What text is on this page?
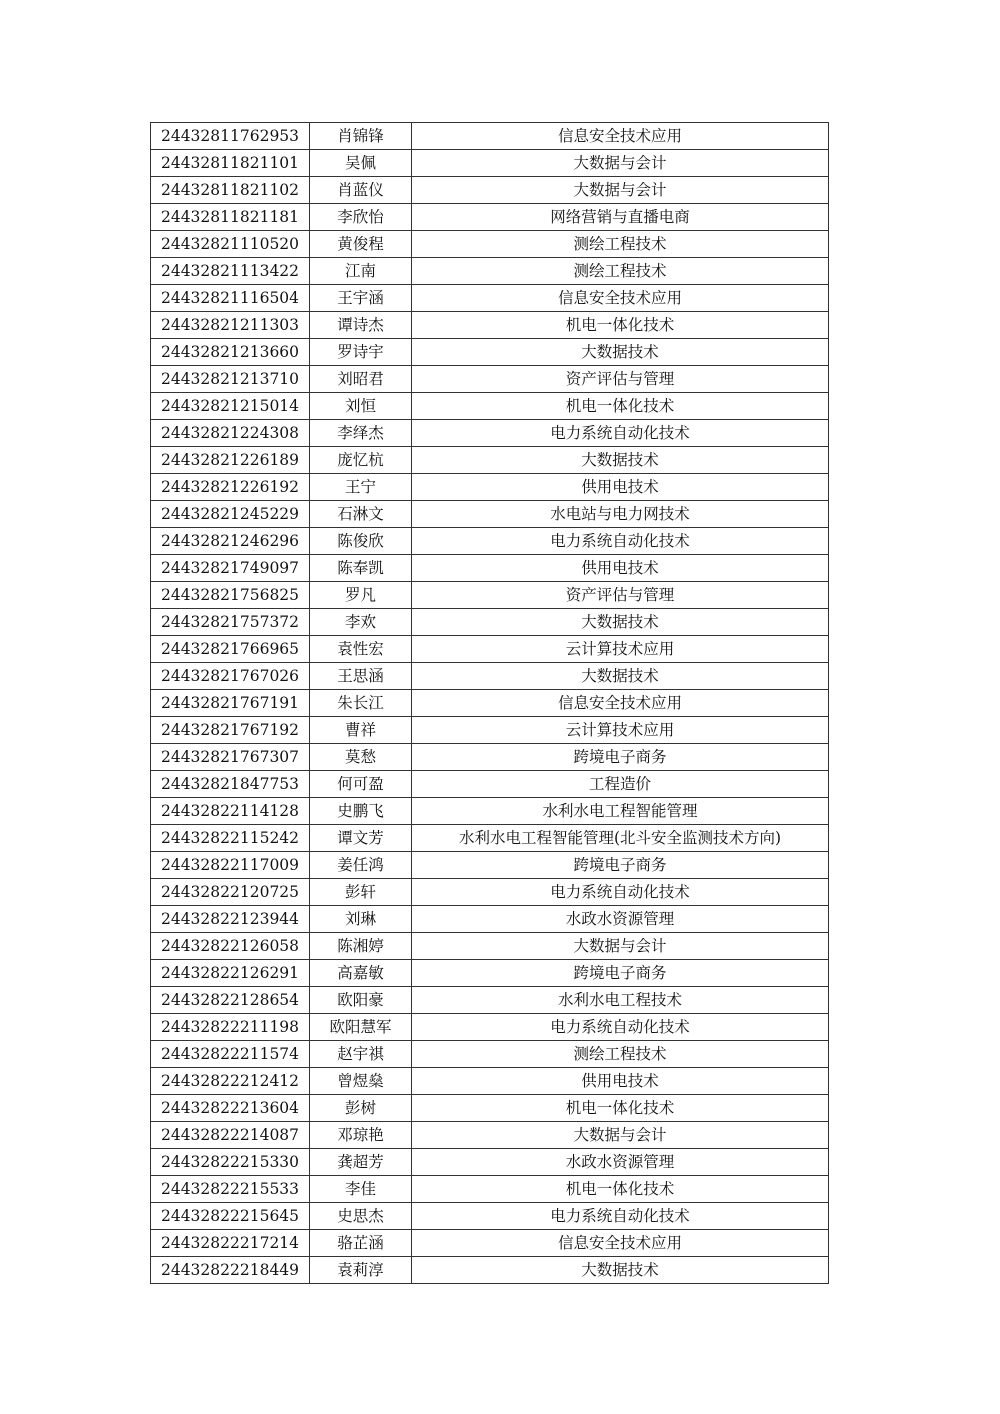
24432811762953	肖锦锋	信息安全技术应用
24432811821101	吴佩	大数据与会计
24432811821102	肖蓝仪	大数据与会计
24432811821181	李欣怡	网络营销与直播电商
24432821110520	黄俊程	测绘工程技术
24432821113422	江南	测绘工程技术
24432821116504	王宇涵	信息安全技术应用
24432821211303	谭诗杰	机电一体化技术
24432821213660	罗诗宇	大数据技术
24432821213710	刘昭君	资产评估与管理
24432821215014	刘恒	机电一体化技术
24432821224308	李绎杰	电力系统自动化技术
24432821226189	庞忆杭	大数据技术
24432821226192	王宁	供用电技术
24432821245229	石淋文	水电站与电力网技术
24432821246296	陈俊欣	电力系统自动化技术
24432821749097	陈奉凯	供用电技术
24432821756825	罗凡	资产评估与管理
24432821757372	李欢	大数据技术
24432821766965	袁性宏	云计算技术应用
24432821767026	王思涵	大数据技术
24432821767191	朱长江	信息安全技术应用
24432821767192	曹祥	云计算技术应用
24432821767307	莫愁	跨境电子商务
24432821847753	何可盈	工程造价
24432822114128	史鹏飞	水利水电工程智能管理
24432822115242	谭文芳	水利水电工程智能管理(北斗安全监测技术方向)
24432822117009	姜任鸿	跨境电子商务
24432822120725	彭轩	电力系统自动化技术
24432822123944	刘琳	水政水资源管理
24432822126058	陈湘婷	大数据与会计
24432822126291	高嘉敏	跨境电子商务
24432822128654	欧阳豪	水利水电工程技术
24432822211198	欧阳慧军	电力系统自动化技术
24432822211574	赵宇祺	测绘工程技术
24432822212412	曾煜燊	供用电技术
24432822213604	彭树	机电一体化技术
24432822214087	邓琼艳	大数据与会计
24432822215330	龚超芳	水政水资源管理
24432822215533	李佳	机电一体化技术
24432822215645	史思杰	电力系统自动化技术
24432822217214	骆芷涵	信息安全技术应用
24432822218449	袁莉淳	大数据技术
